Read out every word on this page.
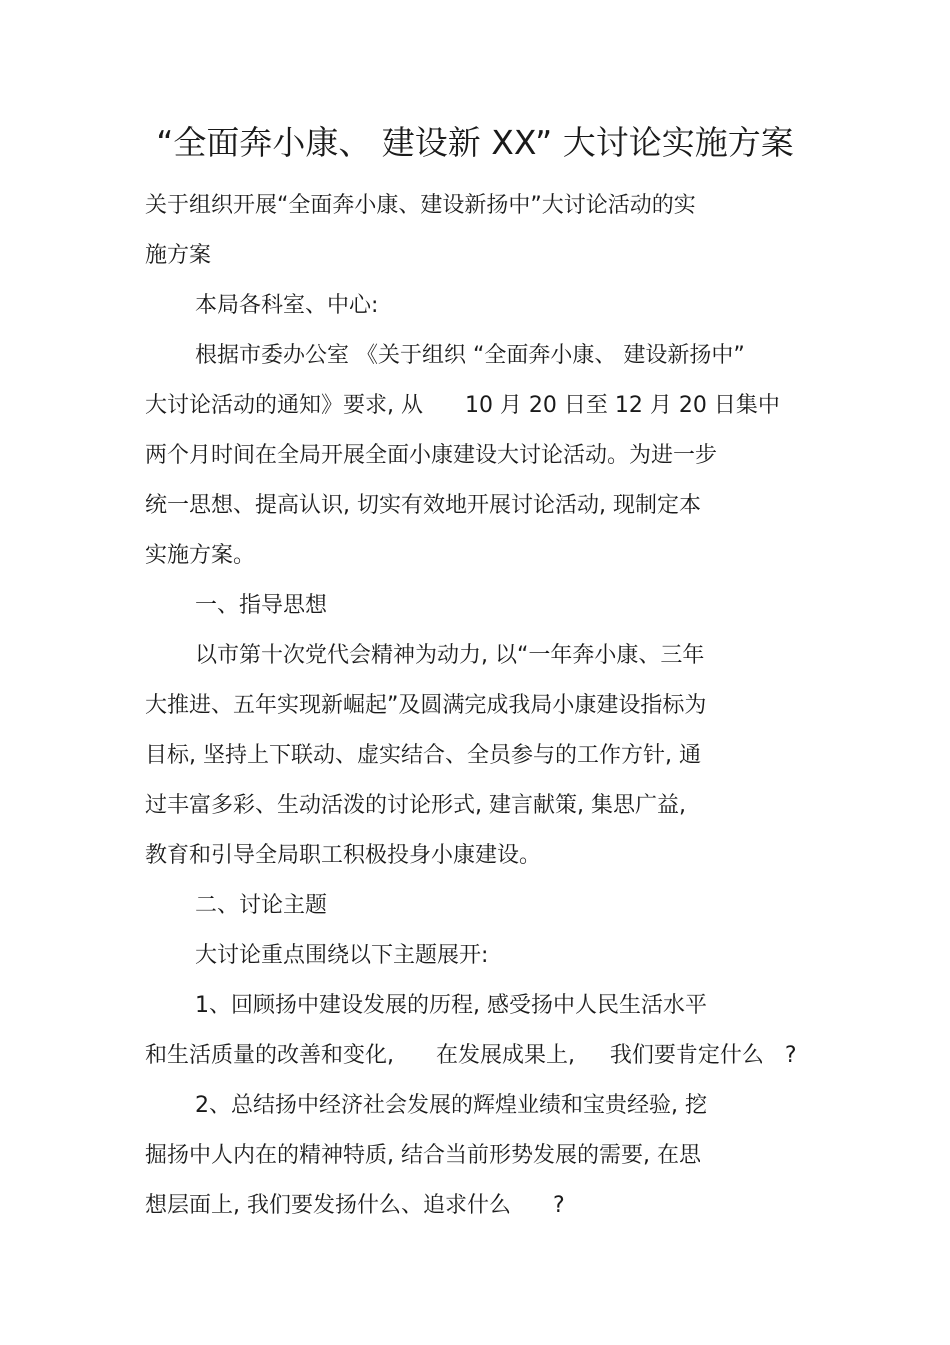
“全面奔小康、 建设新 XX” 大讨论实施方案

关于组织开展“全面奔小康、建设新扬中”大讨论活动的实

施方案

本局各科室、中心:

根据市委办公室 《关于组织 “全面奔小康、 建设新扬中”

大讨论活动的通知》要求, 从      10 月 20 日至 12 月 20 日集中

两个月时间在全局开展全面小康建设大讨论活动。为进一步

统一思想、提高认识, 切实有效地开展讨论活动, 现制定本

实施方案。

一、指导思想

以市第十次党代会精神为动力, 以“一年奔小康、三年

大推进、五年实现新崛起”及圆满完成我局小康建设指标为

目标, 坚持上下联动、虚实结合、全员参与的工作方针, 通

过丰富多彩、生动活泼的讨论形式, 建言献策, 集思广益,

教育和引导全局职工积极投身小康建设。

二、讨论主题

大讨论重点围绕以下主题展开:

1、回顾扬中建设发展的历程, 感受扬中人民生活水平

和生活质量的改善和变化,      在发展成果上,     我们要肯定什么   ?

2、总结扬中经济社会发展的辉煌业绩和宝贵经验, 挖

掘扬中人内在的精神特质, 结合当前形势发展的需要, 在思

想层面上, 我们要发扬什么、追求什么      ?
